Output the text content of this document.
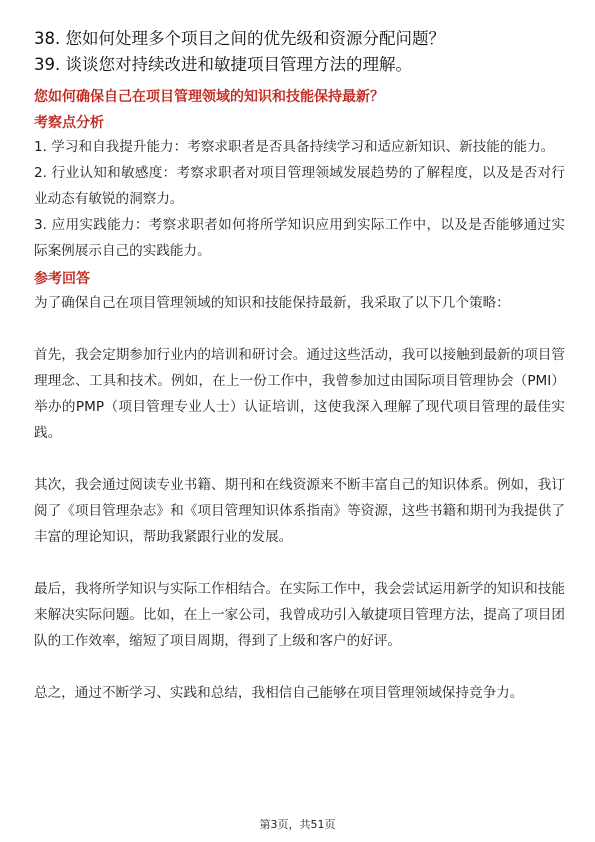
38. 您如何处理多个项目之间的优先级和资源分配问题？
39. 谈谈您对持续改进和敏捷项目管理方法的理解。
您如何确保自己在项目管理领域的知识和技能保持最新？
考察点分析

1. 学习和自我提升能力：考察求职者是否具备持续学习和适应新知识、新技能的能力。

2. 行业认知和敏感度：考察求职者对项目管理领域发展趋势的了解程度，以及是否对行业动态有敏锐的洞察力。

3. 应用实践能力：考察求职者如何将所学知识应用到实际工作中，以及是否能够通过实际案例展示自己的实践能力。

参考回答

为了确保自己在项目管理领域的知识和技能保持最新，我采取了以下几个策略：

首先，我会定期参加行业内的培训和研讨会。通过这些活动，我可以接触到最新的项目管理理念、工具和技术。例如，在上一份工作中，我曾参加过由国际项目管理协会（PMI）举办的PMP（项目管理专业人士）认证培训，这使我深入理解了现代项目管理的最佳实践。

其次，我会通过阅读专业书籍、期刊和在线资源来不断丰富自己的知识体系。例如，我订阅了《项目管理杂志》和《项目管理知识体系指南》等资源，这些书籍和期刊为我提供了丰富的理论知识，帮助我紧跟行业的发展。

最后，我将所学知识与实际工作相结合。在实际工作中，我会尝试运用新学的知识和技能来解决实际问题。比如，在上一家公司，我曾成功引入敏捷项目管理方法，提高了项目团队的工作效率，缩短了项目周期，得到了上级和客户的好评。

总之，通过不断学习、实践和总结，我相信自己能够在项目管理领域保持竞争力。

第3页，共51页
